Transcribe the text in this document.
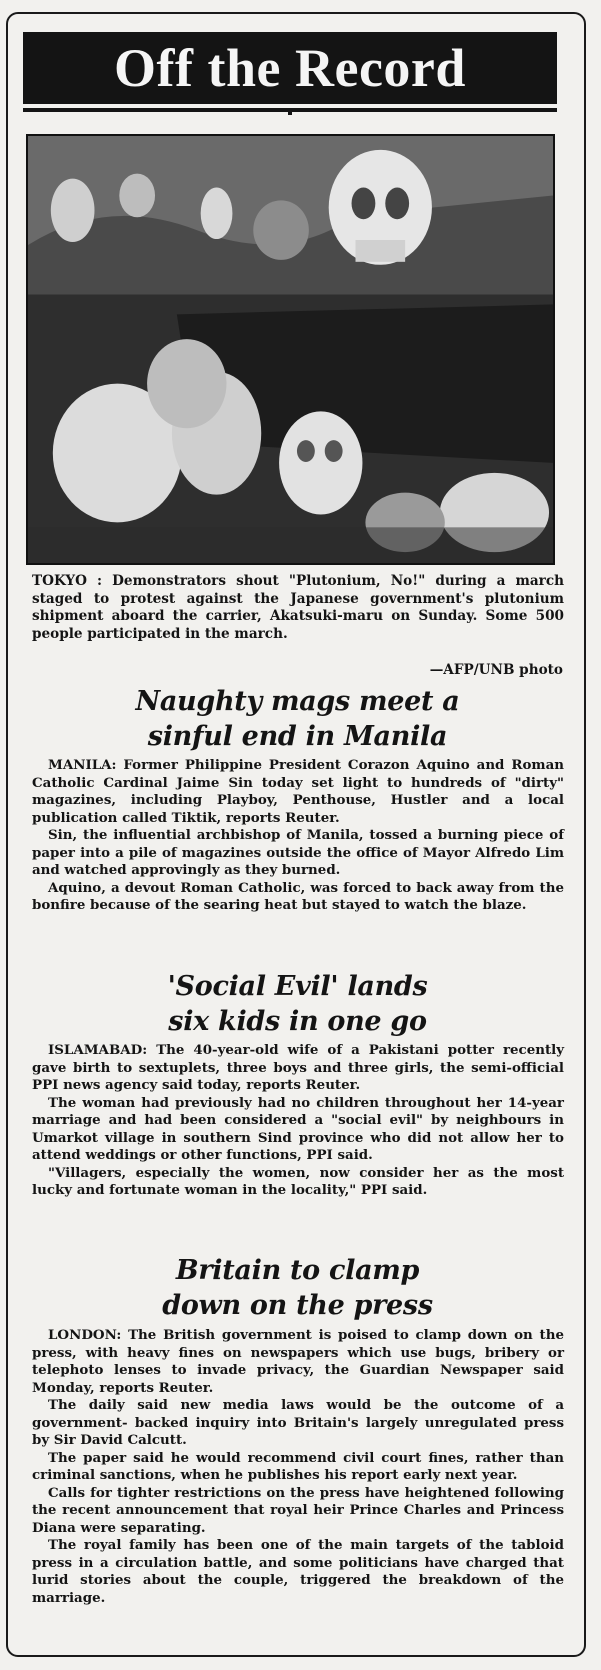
Off the Record

TOKYO : Demonstrators shout "Plutonium, No!" during a march staged to protest against the Japanese government's plutonium shipment aboard the carrier, Akatsuki-maru on Sunday. Some 500 people participated in the march.

—AFP/UNB photo
Naughty mags meet a
sinful end in Manila

MANILA: Former Philippine President Corazon Aquino and Roman Catholic Cardinal Jaime Sin today set light to hundreds of "dirty" magazines, including Playboy, Penthouse, Hustler and a local publication called Tiktik, reports Reuter.

Sin, the influential archbishop of Manila, tossed a burning piece of paper into a pile of magazines outside the office of Mayor Alfredo Lim and watched approvingly as they burned.

Aquino, a devout Roman Catholic, was forced to back away from the bonfire because of the searing heat but stayed to watch the blaze.

'Social Evil' lands
six kids in one go

ISLAMABAD: The 40-year-old wife of a Pakistani potter recently gave birth to sextuplets, three boys and three girls, the semi-official PPI news agency said today, reports Reuter.

The woman had previously had no children throughout her 14-year marriage and had been considered a "social evil" by neighbours in Umarkot village in southern Sind province who did not allow her to attend weddings or other functions, PPI said.

"Villagers, especially the women, now consider her as the most lucky and fortunate woman in the locality," PPI said.

Britain to clamp
down on the press

LONDON: The British government is poised to clamp down on the press, with heavy fines on newspapers which use bugs, bribery or telephoto lenses to invade privacy, the Guardian Newspaper said Monday, reports Reuter.

The daily said new media laws would be the outcome of a government- backed inquiry into Britain's largely unregulated press by Sir David Calcutt.

The paper said he would recommend civil court fines, rather than criminal sanctions, when he publishes his report early next year.

Calls for tighter restrictions on the press have heightened following the recent announcement that royal heir Prince Charles and Princess Diana were separating.

The royal family has been one of the main targets of the tabloid press in a circulation battle, and some politicians have charged that lurid stories about the couple, triggered the breakdown of the marriage.
